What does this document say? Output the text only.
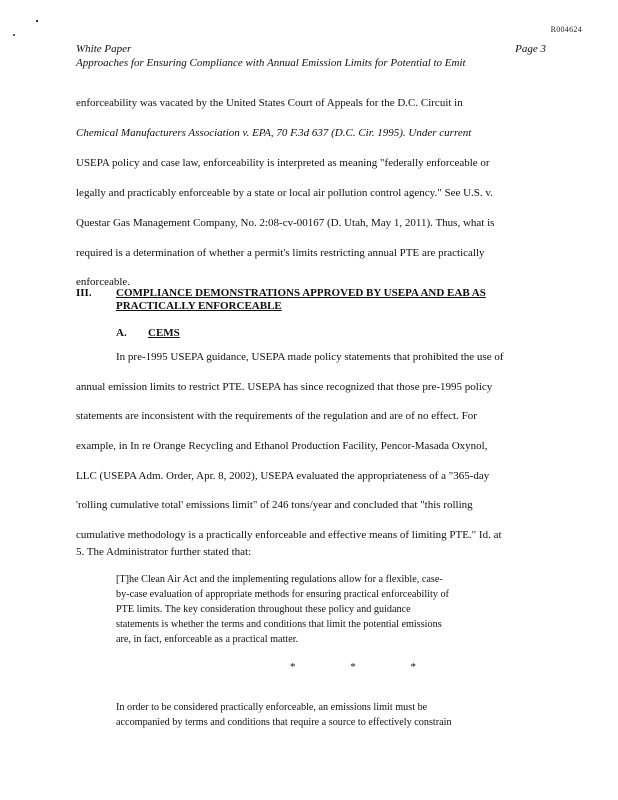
R004624
White Paper
Approaches for Ensuring Compliance with Annual Emission Limits for Potential to Emit
Page 3
enforceability was vacated by the United States Court of Appeals for the D.C. Circuit in
Chemical Manufacturers Association v. EPA, 70 F.3d 637 (D.C. Cir. 1995). Under current
USEPA policy and case law, enforceability is interpreted as meaning "federally enforceable or
legally and practicably enforceable by a state or local air pollution control agency." See U.S. v.
Questar Gas Management Company, No. 2:08-cv-00167 (D. Utah, May 1, 2011). Thus, what is
required is a determination of whether a permit's limits restricting annual PTE are practically
enforceable.
III. COMPLIANCE DEMONSTRATIONS APPROVED BY USEPA AND EAB AS
PRACTICALLY ENFORCEABLE
A. CEMS
In pre-1995 USEPA guidance, USEPA made policy statements that prohibited the use of
annual emission limits to restrict PTE. USEPA has since recognized that those pre-1995 policy
statements are inconsistent with the requirements of the regulation and are of no effect. For
example, in In re Orange Recycling and Ethanol Production Facility, Pencor-Masada Oxynol,
LLC (USEPA Adm. Order, Apr. 8, 2002), USEPA evaluated the appropriateness of a "365-day
'rolling cumulative total' emissions limit" of 246 tons/year and concluded that "this rolling
cumulative methodology is a practically enforceable and effective means of limiting PTE." Id. at
5. The Administrator further stated that:
[T]he Clean Air Act and the implementing regulations allow for a flexible, case-
by-case evaluation of appropriate methods for ensuring practical enforceability of
PTE limits. The key consideration throughout these policy and guidance
statements is whether the terms and conditions that limit the potential emissions
are, in fact, enforceable as a practical matter.
* * *
In order to be considered practically enforceable, an emissions limit must be
accompanied by terms and conditions that require a source to effectively constrain
